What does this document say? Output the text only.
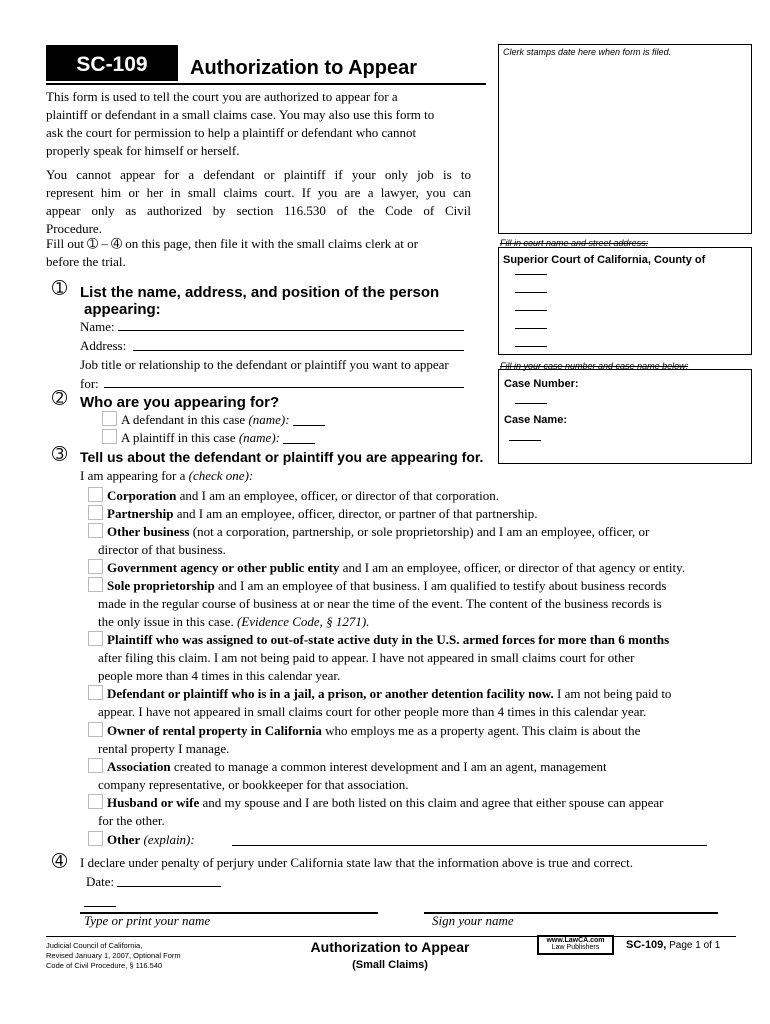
SC-109	Authorization to Appear
Clerk stamps date here when form is filed.
This form is used to tell the court you are authorized to appear for a
plaintiff or defendant in a small claims case. You may also use this form to
ask the court for permission to help a plaintiff or defendant who cannot
properly speak for himself or herself.
You cannot appear for a defendant or plaintiff if your only job is to
represent him or her in small claims court. If you are a lawyer, you can
appear only as authorized by section 116.530 of the Code of Civil
Procedure.
Fill out ➀ – ➃ on this page, then file it with the small claims clerk at or
before the trial.
Fill in court name and street address:
Superior Court of California, County of
Fill in your case number and case name below:
Case Number:
Case Name:
➀ List the name, address, and position of the person
appearing:
Name:
Address:
Job title or relationship to the defendant or plaintiff you want to appear
for:
➁ Who are you appearing for?
A defendant in this case (name):
A plaintiff in this case (name):
➂ Tell us about the defendant or plaintiff you are appearing for.
I am appearing for a (check one):
Corporation and I am an employee, officer, or director of that corporation.
Partnership and I am an employee, officer, director, or partner of that partnership.
Other business (not a corporation, partnership, or sole proprietorship) and I am an employee, officer, or
director of that business.
Government agency or other public entity and I am an employee, officer, or director of that agency or entity.
Sole proprietorship and I am an employee of that business. I am qualified to testify about business records
made in the regular course of business at or near the time of the event. The content of the business records is
the only issue in this case. (Evidence Code, § 1271).
Plaintiff who was assigned to out-of-state active duty in the U.S. armed forces for more than 6 months
after filing this claim. I am not being paid to appear. I have not appeared in small claims court for other
people more than 4 times in this calendar year.
Defendant or plaintiff who is in a jail, a prison, or another detention facility now. I am not being paid to
appear. I have not appeared in small claims court for other people more than 4 times in this calendar year.
Owner of rental property in California who employs me as a property agent. This claim is about the
rental property I manage.
Association created to manage a common interest development and I am an agent, management
company representative, or bookkeeper for that association.
Husband or wife and my spouse and I are both listed on this claim and agree that either spouse can appear
for the other.
Other (explain):
➃ I declare under penalty of perjury under California state law that the information above is true and correct.
Date:
Type or print your name	Sign your name
Judicial Council of California,
Revised January 1, 2007, Optional Form
Code of Civil Procedure, § 116.540
Authorization to Appear
(Small Claims)
www.LawCA.com
Law Publishers	SC-109, Page 1 of 1
